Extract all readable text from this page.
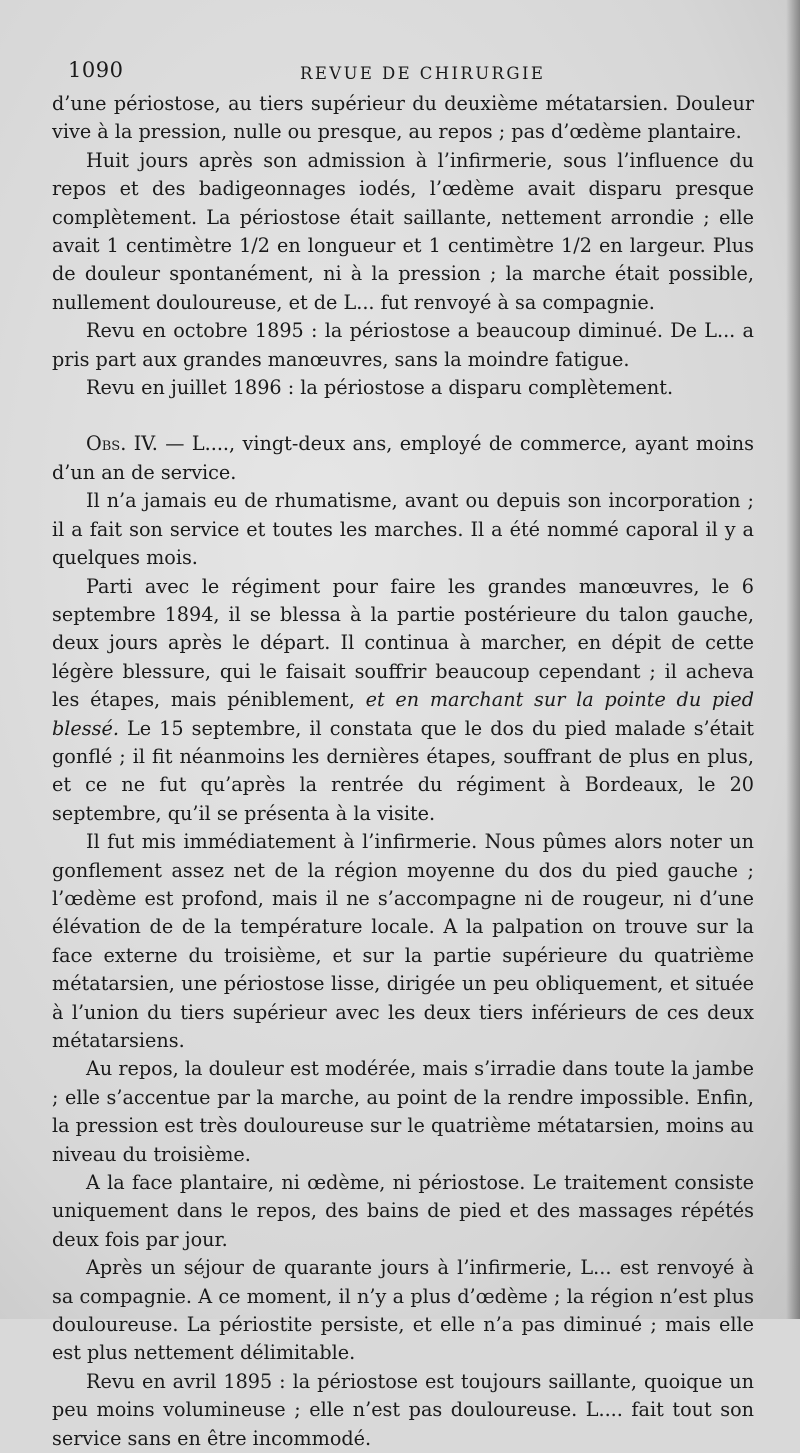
1090	REVUE DE CHIRURGIE

d’une périostose, au tiers supérieur du deuxième métatarsien. Douleur vive à la pression, nulle ou presque, au repos ; pas d’œdème plantaire.

Huit jours après son admission à l’infirmerie, sous l’influence du repos et des badigeonnages iodés, l’œdème avait disparu presque complètement. La périostose était saillante, nettement arrondie ; elle avait 1 centimètre 1/2 en longueur et 1 centimètre 1/2 en largeur. Plus de douleur spontanément, ni à la pression ; la marche était possible, nullement douloureuse, et de L... fut renvoyé à sa compagnie.

Revu en octobre 1895 : la périostose a beaucoup diminué. De L... a pris part aux grandes manœuvres, sans la moindre fatigue.

Revu en juillet 1896 : la périostose a disparu complètement.

Obs. IV. — L...., vingt-deux ans, employé de commerce, ayant moins d’un an de service.

Il n’a jamais eu de rhumatisme, avant ou depuis son incorporation ; il a fait son service et toutes les marches. Il a été nommé caporal il y a quelques mois.

Parti avec le régiment pour faire les grandes manœuvres, le 6 septembre 1894, il se blessa à la partie postérieure du talon gauche, deux jours après le départ. Il continua à marcher, en dépit de cette légère blessure, qui le faisait souffrir beaucoup cependant ; il acheva les étapes, mais péniblement, et en marchant sur la pointe du pied blessé. Le 15 septembre, il constata que le dos du pied malade s’était gonflé ; il fit néanmoins les dernières étapes, souffrant de plus en plus, et ce ne fut qu’après la rentrée du régiment à Bordeaux, le 20 septembre, qu’il se présenta à la visite.

Il fut mis immédiatement à l’infirmerie. Nous pûmes alors noter un gonflement assez net de la région moyenne du dos du pied gauche ; l’œdème est profond, mais il ne s’accompagne ni de rougeur, ni d’une élévation de de la température locale. A la palpation on trouve sur la face externe du troisième, et sur la partie supérieure du quatrième métatarsien, une périostose lisse, dirigée un peu obliquement, et située à l’union du tiers supérieur avec les deux tiers inférieurs de ces deux métatarsiens.

Au repos, la douleur est modérée, mais s’irradie dans toute la jambe ; elle s’accentue par la marche, au point de la rendre impossible. Enfin, la pression est très douloureuse sur le quatrième métatarsien, moins au niveau du troisième.

A la face plantaire, ni œdème, ni périostose. Le traitement consiste uniquement dans le repos, des bains de pied et des massages répétés deux fois par jour.

Après un séjour de quarante jours à l’infirmerie, L... est renvoyé à sa compagnie. A ce moment, il n’y a plus d’œdème ; la région n’est plus douloureuse. La périostite persiste, et elle n’a pas diminué ; mais elle est plus nettement délimitable.

Revu en avril 1895 : la périostose est toujours saillante, quoique un peu moins volumineuse ; elle n’est pas douloureuse. L.... fait tout son service sans en être incommodé.
